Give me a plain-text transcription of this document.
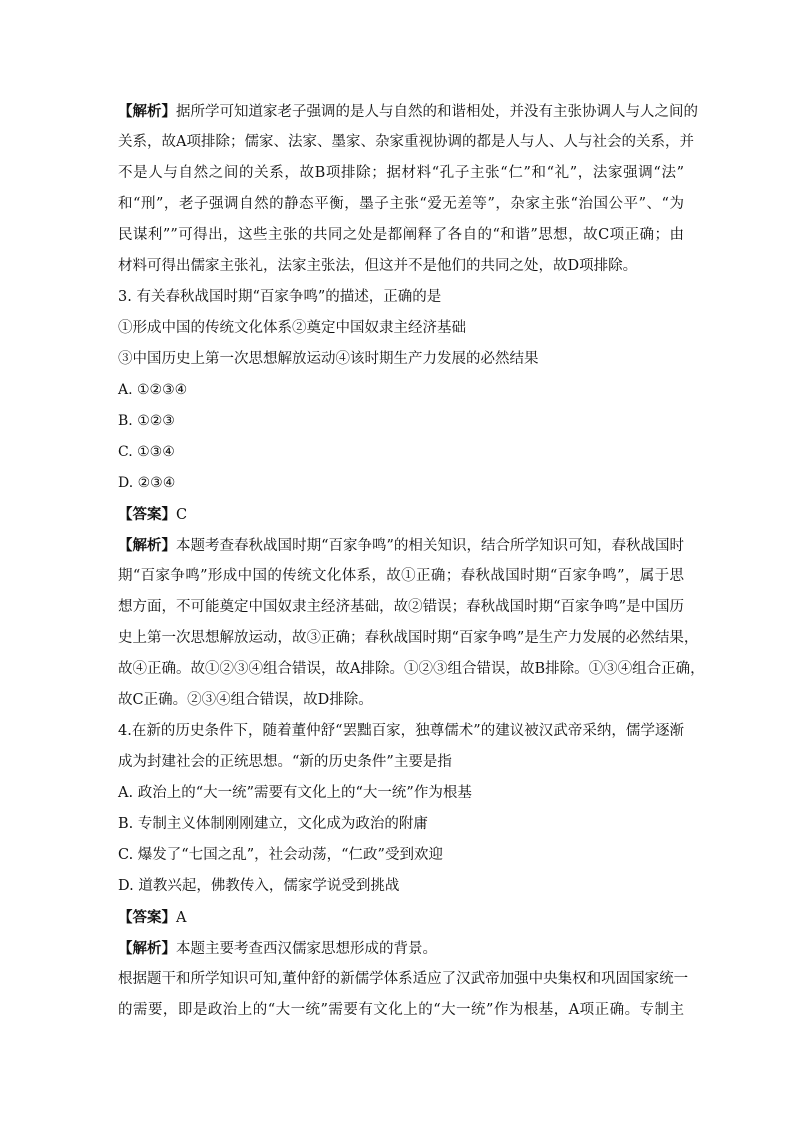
【解析】据所学可知道家老子强调的是人与自然的和谐相处，并没有主张协调人与人之间的
关系，故A项排除；儒家、法家、墨家、杂家重视协调的都是人与人、人与社会的关系，并
不是人与自然之间的关系，故B项排除；据材料“孔子主张“仁”和“礼”，法家强调“法”
和“刑”，老子强调自然的静态平衡，墨子主张“爱无差等”，杂家主张“治国公平”、“为
民谋利””可得出，这些主张的共同之处是都阐释了各自的“和谐”思想，故C项正确；由
材料可得出儒家主张礼，法家主张法，但这并不是他们的共同之处，故D项排除。
3. 有关春秋战国时期“百家争鸣”的描述，正确的是
①形成中国的传统文化体系②奠定中国奴隶主经济基础
③中国历史上第一次思想解放运动④该时期生产力发展的必然结果
A. ①②③④
B. ①②③
C. ①③④
D. ②③④
【答案】C
【解析】本题考查春秋战国时期“百家争鸣”的相关知识，结合所学知识可知，春秋战国时
期“百家争鸣”形成中国的传统文化体系，故①正确；春秋战国时期“百家争鸣”，属于思
想方面，不可能奠定中国奴隶主经济基础，故②错误；春秋战国时期“百家争鸣”是中国历
史上第一次思想解放运动，故③正确；春秋战国时期“百家争鸣”是生产力发展的必然结果，
故④正确。故①②③④组合错误，故A排除。①②③组合错误，故B排除。①③④组合正确，
故C正确。②③④组合错误，故D排除。
4.在新的历史条件下，随着董仲舒“罢黜百家，独尊儒术”的建议被汉武帝采纳，儒学逐渐
成为封建社会的正统思想。“新的历史条件”主要是指
A. 政治上的“大一统”需要有文化上的“大一统”作为根基
B. 专制主义体制刚刚建立，文化成为政治的附庸
C. 爆发了“七国之乱”，社会动荡，“仁政”受到欢迎
D. 道教兴起，佛教传入，儒家学说受到挑战
【答案】A
【解析】本题主要考查西汉儒家思想形成的背景。
根据题干和所学知识可知,董仲舒的新儒学体系适应了汉武帝加强中央集权和巩固国家统一
的需要，即是政治上的“大一统”需要有文化上的“大一统”作为根基，A项正确。专制主
